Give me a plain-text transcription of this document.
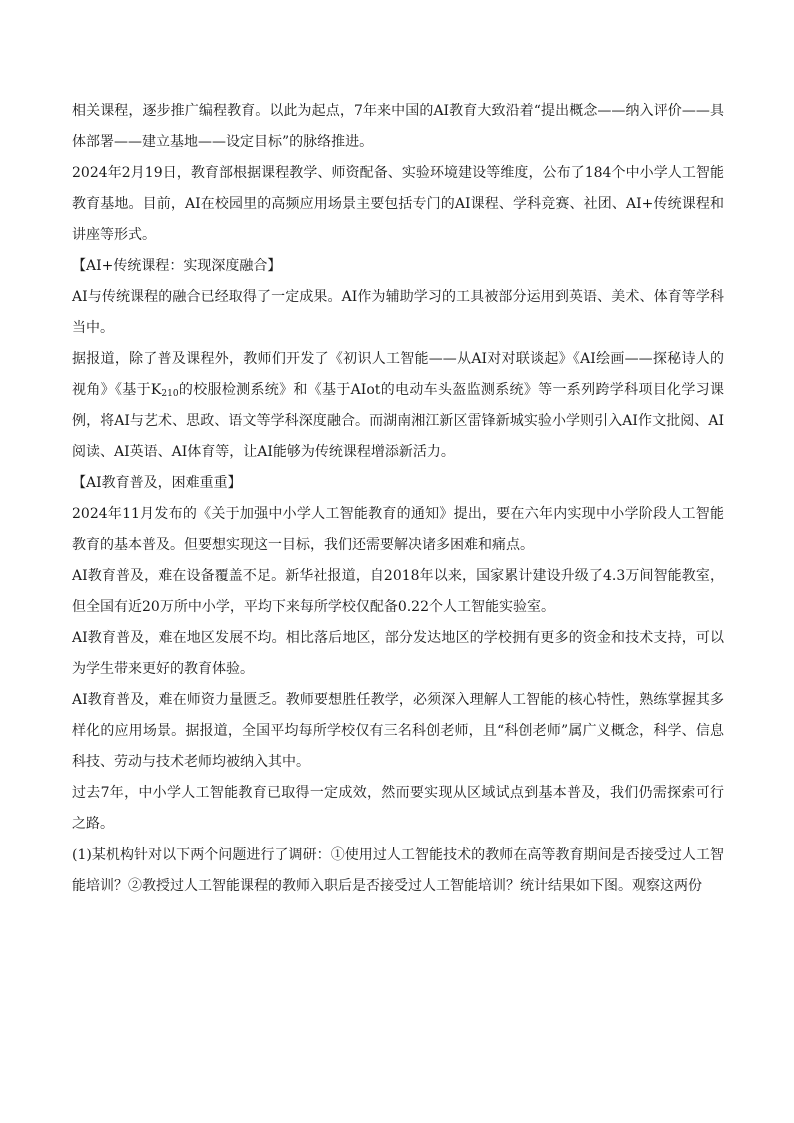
相关课程，逐步推广编程教育。以此为起点，7年来中国的AI教育大致沿着“提出概念——纳入评价——具体部署——建立基地——设定目标”的脉络推进。

2024年2月19日，教育部根据课程教学、师资配备、实验环境建设等维度，公布了184个中小学人工智能教育基地。目前，AI在校园里的高频应用场景主要包括专门的AI课程、学科竞赛、社团、AI+传统课程和讲座等形式。

【AI+传统课程：实现深度融合】

AI与传统课程的融合已经取得了一定成果。AI作为辅助学习的工具被部分运用到英语、美术、体育等学科当中。

据报道，除了普及课程外，教师们开发了《初识人工智能——从AI对对联谈起》《AI绘画——探秘诗人的视角》《基于$K_{210}$的校服检测系统》和《基于AIot的电动车头盔监测系统》等一系列跨学科项目化学习课例，将AI与艺术、思政、语文等学科深度融合。而湖南湘江新区雷锋新城实验小学则引入AI作文批阅、AI阅读、AI英语、AI体育等，让AI能够为传统课程增添新活力。

【AI教育普及，困难重重】

2024年11月发布的《关于加强中小学人工智能教育的通知》提出，要在六年内实现中小学阶段人工智能教育的基本普及。但要想实现这一目标，我们还需要解决诸多困难和痛点。

AI教育普及，难在设备覆盖不足。新华社报道，自2018年以来，国家累计建设升级了4.3万间智能教室，但全国有近20万所中小学，平均下来每所学校仅配备0.22个人工智能实验室。

AI教育普及，难在地区发展不均。相比落后地区，部分发达地区的学校拥有更多的资金和技术支持，可以为学生带来更好的教育体验。

AI教育普及，难在师资力量匮乏。教师要想胜任教学，必须深入理解人工智能的核心特性，熟练掌握其多样化的应用场景。据报道，全国平均每所学校仅有三名科创老师，且“科创老师”属广义概念，科学、信息科技、劳动与技术老师均被纳入其中。

过去7年，中小学人工智能教育已取得一定成效，然而要实现从区域试点到基本普及，我们仍需探索可行之路。

(1)某机构针对以下两个问题进行了调研：①使用过人工智能技术的教师在高等教育期间是否接受过人工智能培训？②教授过人工智能课程的教师入职后是否接受过人工智能培训？统计结果如下图。观察这两份
